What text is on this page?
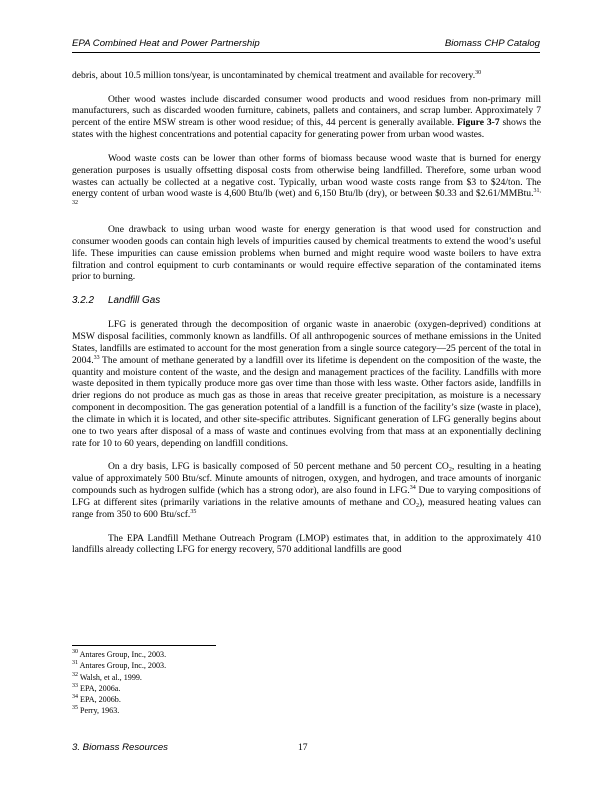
EPA Combined Heat and Power Partnership	Biomass CHP Catalog

debris, about 10.5 million tons/year, is uncontaminated by chemical treatment and available for recovery.$^{30}$

Other wood wastes include discarded consumer wood products and wood residues from non-primary mill manufacturers, such as discarded wooden furniture, cabinets, pallets and containers, and scrap lumber. Approximately 7 percent of the entire MSW stream is other wood residue; of this, 44 percent is generally available. Figure 3-7 shows the states with the highest concentrations and potential capacity for generating power from urban wood wastes.

Wood waste costs can be lower than other forms of biomass because wood waste that is burned for energy generation purposes is usually offsetting disposal costs from otherwise being landfilled. Therefore, some urban wood wastes can actually be collected at a negative cost. Typically, urban wood waste costs range from $3 to $24/ton. The energy content of urban wood waste is 4,600 Btu/lb (wet) and 6,150 Btu/lb (dry), or between $0.33 and $2.61/MMBtu.$^{31, 32}$

One drawback to using urban wood waste for energy generation is that wood used for construction and consumer wooden goods can contain high levels of impurities caused by chemical treatments to extend the wood’s useful life. These impurities can cause emission problems when burned and might require wood waste boilers to have extra filtration and control equipment to curb contaminants or would require effective separation of the contaminated items prior to burning.

3.2.2 Landfill Gas

LFG is generated through the decomposition of organic waste in anaerobic (oxygen-deprived) conditions at MSW disposal facilities, commonly known as landfills. Of all anthropogenic sources of methane emissions in the United States, landfills are estimated to account for the most generation from a single source category—25 percent of the total in 2004.33 The amount of methane generated by a landfill over its lifetime is dependent on the composition of the waste, the quantity and moisture content of the waste, and the design and management practices of the facility. Landfills with more waste deposited in them typically produce more gas over time than those with less waste. Other factors aside, landfills in drier regions do not produce as much gas as those in areas that receive greater precipitation, as moisture is a necessary component in decomposition. The gas generation potential of a landfill is a function of the facility’s size (waste in place), the climate in which it is located, and other site-specific attributes. Significant generation of LFG generally begins about one to two years after disposal of a mass of waste and continues evolving from that mass at an exponentially declining rate for 10 to 60 years, depending on landfill conditions.

On a dry basis, LFG is basically composed of 50 percent methane and 50 percent $CO_2$, resulting in a heating value of approximately 500 Btu/scf. Minute amounts of nitrogen, oxygen, and hydrogen, and trace amounts of inorganic compounds such as hydrogen sulfide (which has a strong odor), are also found in LFG.$^{34}$ Due to varying compositions of LFG at different sites (primarily variations in the relative amounts of methane and $CO_2$), measured heating values can range from 350 to 600 Btu/scf.$^{35}$

The EPA Landfill Methane Outreach Program (LMOP) estimates that, in addition to the approximately 410 landfills already collecting LFG for energy recovery, 570 additional landfills are good

$^{30}$ Antares Group, Inc., 2003.
$^{31}$ Antares Group, Inc., 2003.
$^{32}$ Walsh, et al., 1999.
$^{33}$ EPA, 2006a.
$^{34}$ EPA, 2006b.
$^{35}$ Perry, 1963.
3. Biomass Resources	17
